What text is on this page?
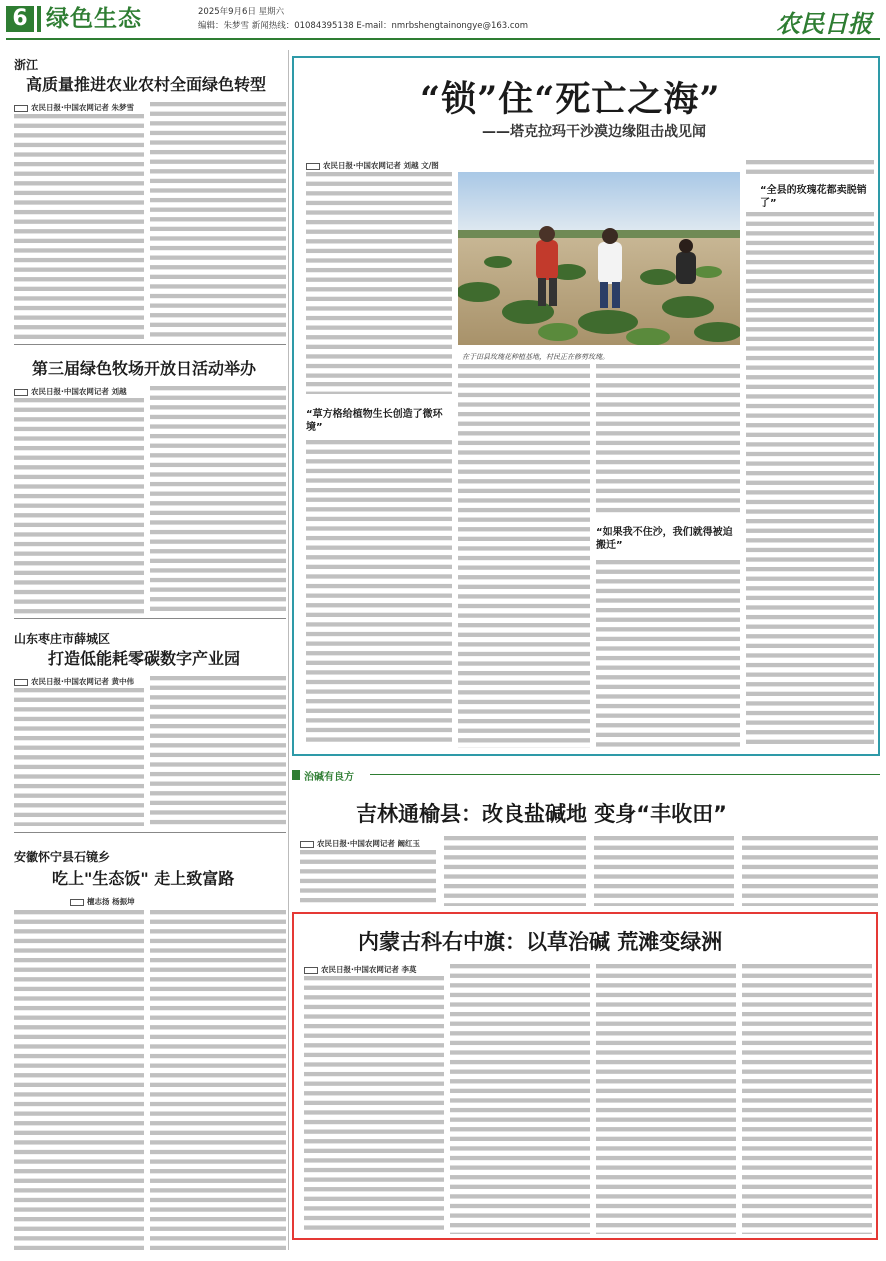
6 绿色生态	2025年9月6日 星期六
编辑：朱梦雪 新闻热线：01084395138 E-mail：nmrbshengtainongye@163.com	农民日报
浙江
高质量推进农业农村全面绿色转型
农民日报·中国农网记者 朱梦雪
第三届绿色牧场开放日活动举办
农民日报·中国农网记者 刘越
山东枣庄市薛城区
打造低能耗零碳数字产业园
农民日报·中国农网记者 黄中伟
安徽怀宁县石镜乡
吃上"生态饭" 走上致富路
檀志扬 杨振坤
“锁”住“死亡之海”
——塔克拉玛干沙漠边缘阻击战见闻
农民日报·中国农网记者 刘越 文/图
在于田县玫瑰花种植基地，村民正在修剪玫瑰。
“草方格给植物生长创造了微环境”
“如果我不住沙，我们就得被迫搬迁”
“全县的玫瑰花都卖脱销了”
治碱有良方
吉林通榆县：改良盐碱地 变身“丰收田”
农民日报·中国农网记者 阚红玉
内蒙古科右中旗：以草治碱 荒滩变绿洲
农民日报·中国农网记者 李莫
